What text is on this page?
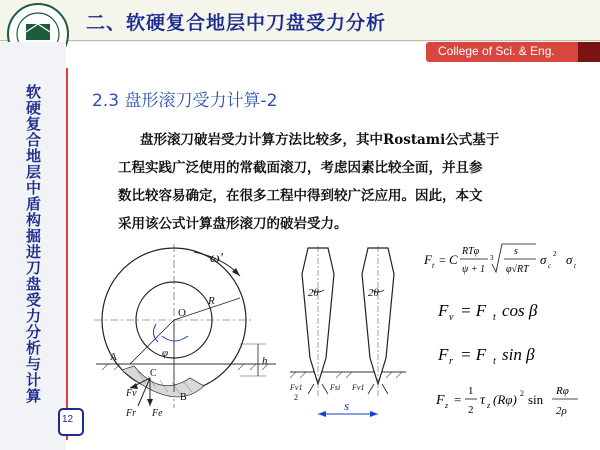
二、软硬复合地层中刀盘受力分析
College of Sci. & Eng.
软硬复合地层中盾构掘进刀盘受力分析与计算
12
2.3 盘形滚刀受力计算-2
盘形滚刀破岩受力计算方法比较多，其中Rostami公式基于
工程实践广泛使用的常截面滚刀，考虑因素比较全面，并且参
数比较容易确定，在很多工程中得到较广泛应用。因此，本文
采用该公式计算盘形滚刀的破岩受力。
ω'
O
R
φ
h
A
B
C
Fv
Fr Fe
2θ	2θ
Fv1	Fsi Fv1
2
s
F t = C
RTφ
ψ + 1
3
s
φ√RT
σ c
2 σ t
F v = F t cos β
F r = F t sin β
F z =
1
2
τ z (Rφ) 2 sin
Rφ
2ρ
